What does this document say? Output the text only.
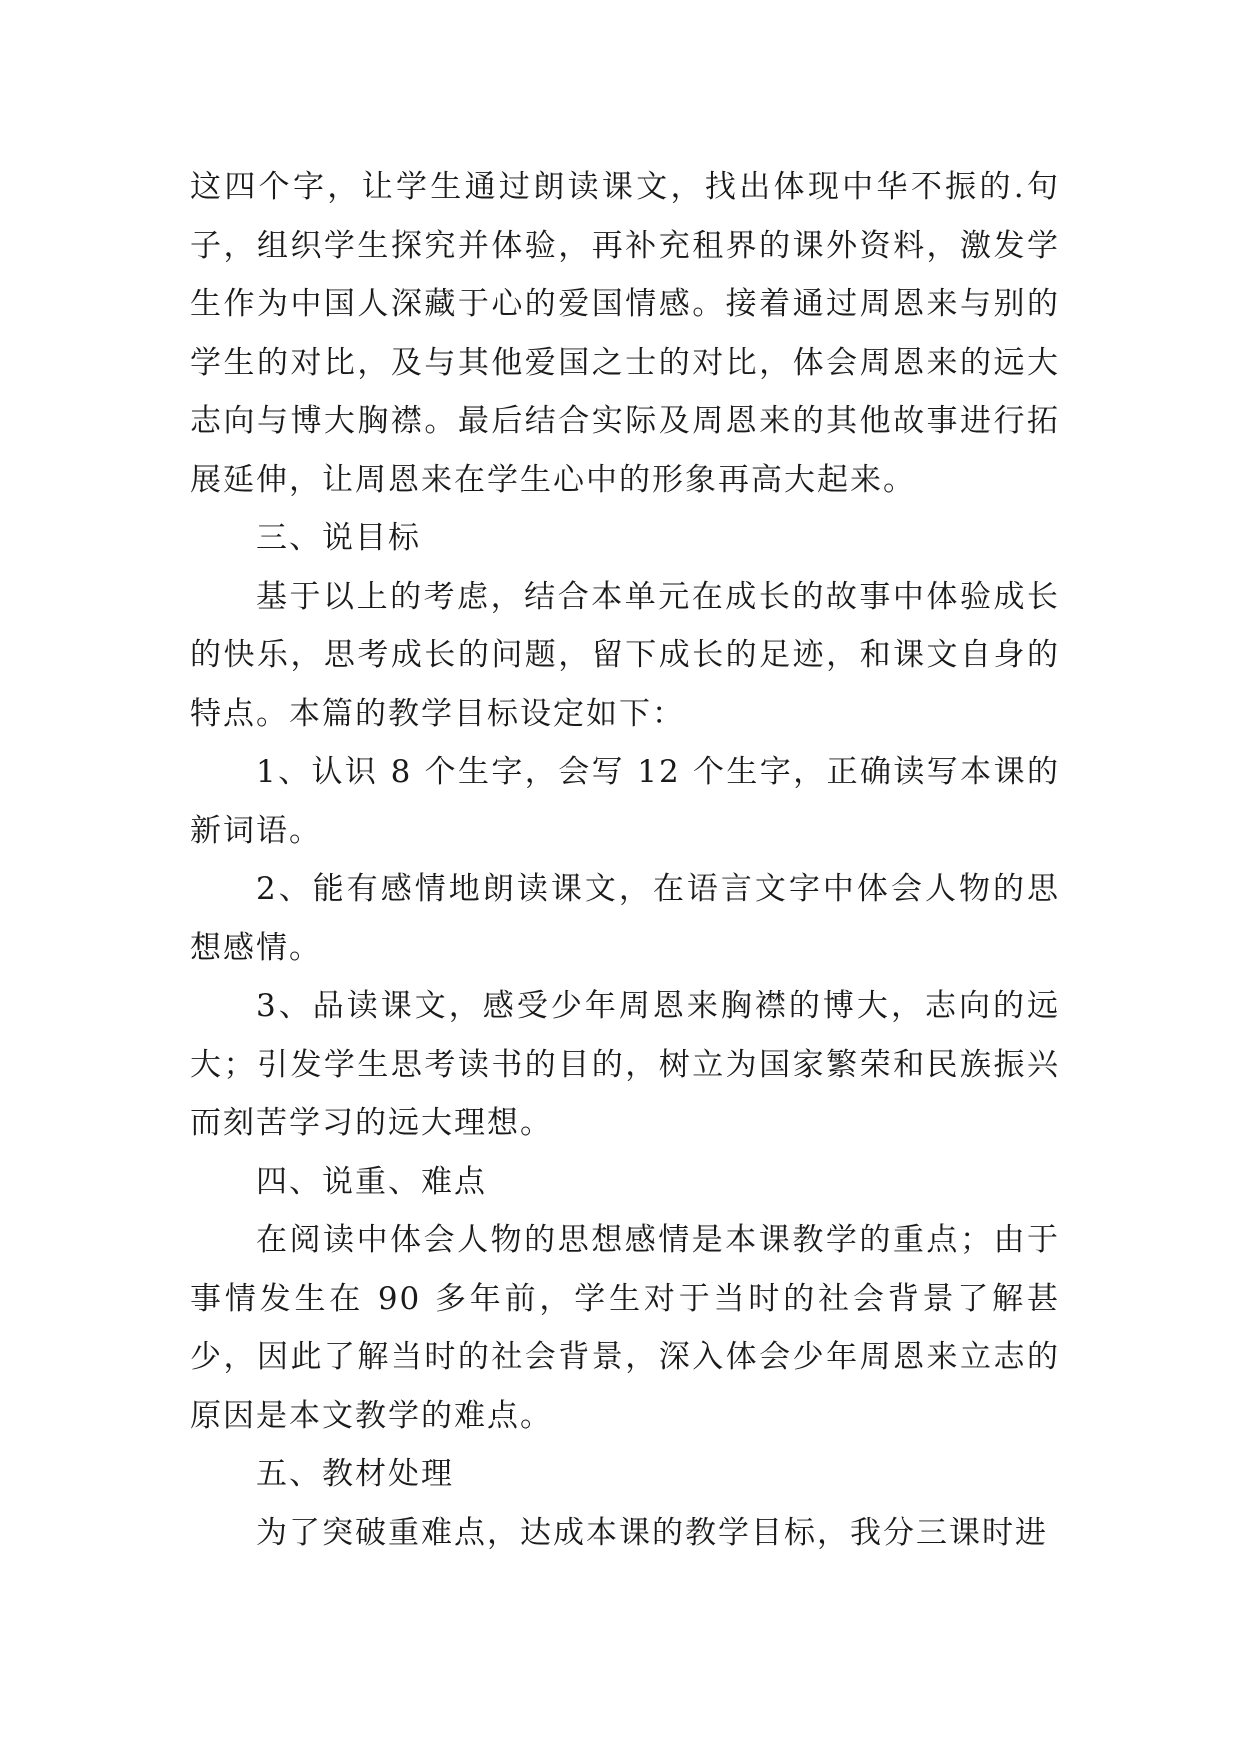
这四个字，让学生通过朗读课文，找出体现中华不振的.句子，组织学生探究并体验，再补充租界的课外资料，激发学生作为中国人深藏于心的爱国情感。接着通过周恩来与别的学生的对比，及与其他爱国之士的对比，体会周恩来的远大志向与博大胸襟。最后结合实际及周恩来的其他故事进行拓展延伸，让周恩来在学生心中的形象再高大起来。

三、说目标

基于以上的考虑，结合本单元在成长的故事中体验成长的快乐，思考成长的问题，留下成长的足迹，和课文自身的特点。本篇的教学目标设定如下：

1、认识 8 个生字，会写 12 个生字，正确读写本课的新词语。

2、能有感情地朗读课文，在语言文字中体会人物的思想感情。

3、品读课文，感受少年周恩来胸襟的博大，志向的远大；引发学生思考读书的目的，树立为国家繁荣和民族振兴而刻苦学习的远大理想。

四、说重、难点

在阅读中体会人物的思想感情是本课教学的重点；由于事情发生在 90 多年前，学生对于当时的社会背景了解甚少，因此了解当时的社会背景，深入体会少年周恩来立志的原因是本文教学的难点。

五、教材处理

为了突破重难点，达成本课的教学目标，我分三课时进
